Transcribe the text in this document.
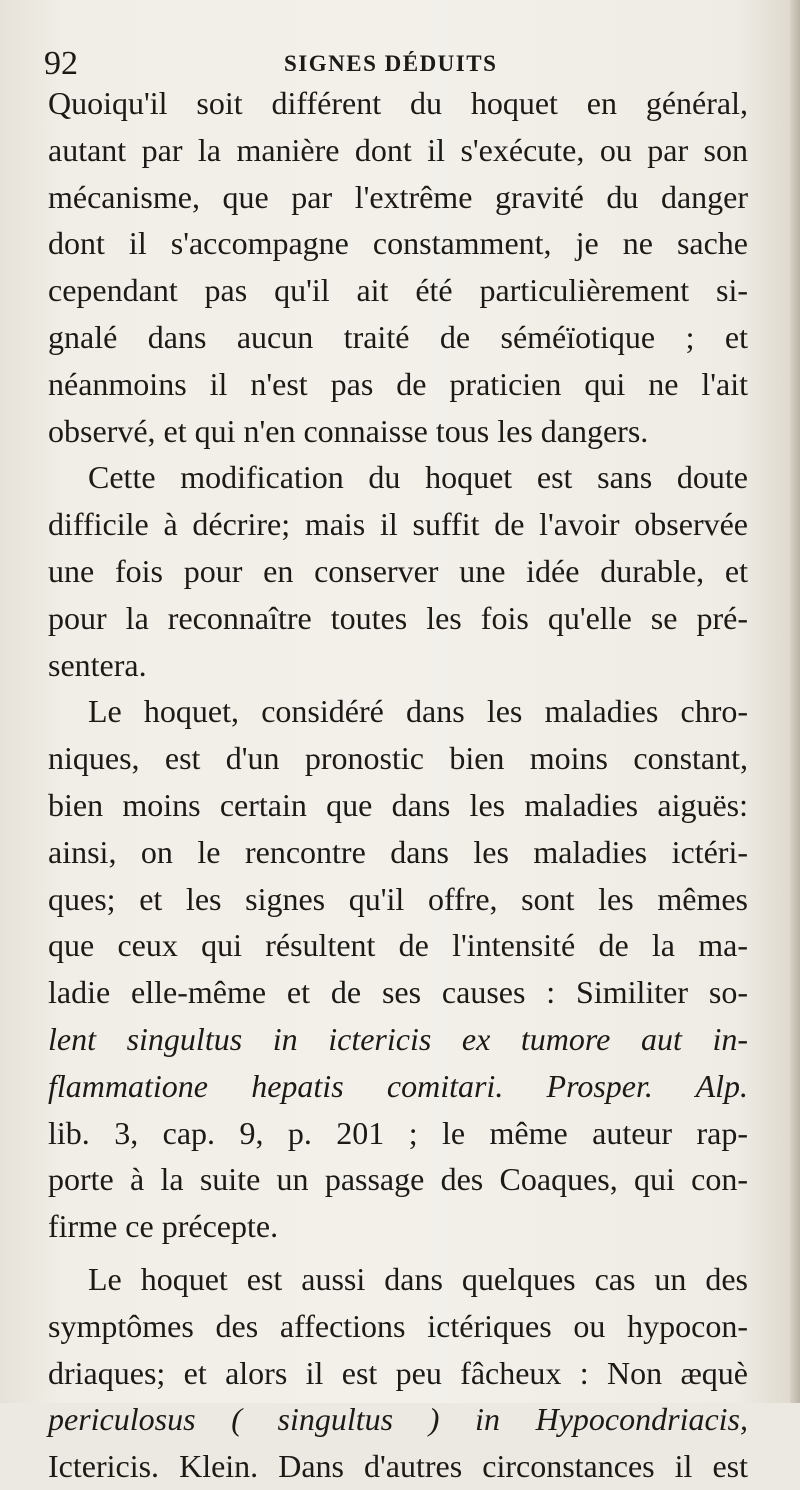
92	SIGNES DÉDUITS
Quoiqu'il soit différent du hoquet en général,
autant par la manière dont il s'exécute, ou par son
mécanisme, que par l'extrême gravité du danger
dont il s'accompagne constamment, je ne sache
cependant pas qu'il ait été particulièrement si-
gnalé dans aucun traité de séméïotique ; et
néanmoins il n'est pas de praticien qui ne l'ait
observé, et qui n'en connaisse tous les dangers.
Cette modification du hoquet est sans doute
difficile à décrire; mais il suffit de l'avoir observée
une fois pour en conserver une idée durable, et
pour la reconnaître toutes les fois qu'elle se pré-
sentera.
Le hoquet, considéré dans les maladies chro-
niques, est d'un pronostic bien moins constant,
bien moins certain que dans les maladies aiguës:
ainsi, on le rencontre dans les maladies ictéri-
ques; et les signes qu'il offre, sont les mêmes
que ceux qui résultent de l'intensité de la ma-
ladie elle-même et de ses causes : Similiter so-
lent singultus in ictericis ex tumore aut in-
flammatione hepatis comitari. Prosper. Alp.
lib. 3, cap. 9, p. 201 ; le même auteur rap-
porte à la suite un passage des Coaques, qui con-
firme ce précepte.
Le hoquet est aussi dans quelques cas un des
symptômes des affections ictériques ou hypocon-
driaques; et alors il est peu fâcheux : Non æquè
periculosus ( singultus ) in Hypocondriacis,
Ictericis. Klein. Dans d'autres circonstances il est
